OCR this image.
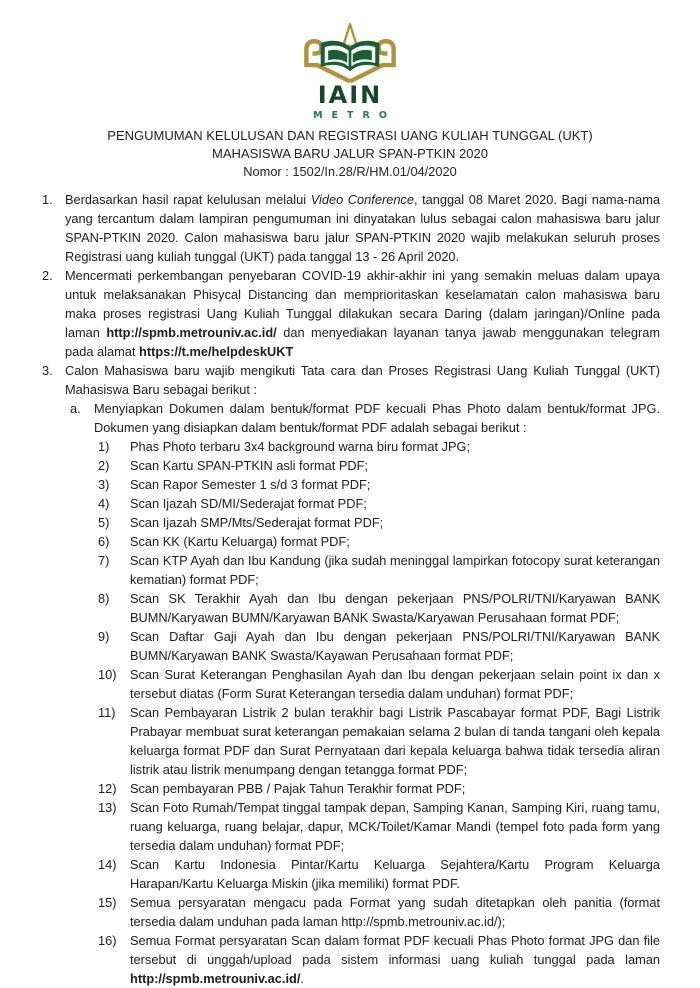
IAIN
METRO
PENGUMUMAN KELULUSAN DAN REGISTRASI UANG KULIAH TUNGGAL (UKT)
MAHASISWA BARU JALUR SPAN-PTKIN 2020
Nomor : 1502/In.28/R/HM.01/04/2020
1. Berdasarkan hasil rapat kelulusan melalui Video Conference, tanggal 08 Maret 2020. Bagi nama-nama yang tercantum dalam lampiran pengumuman ini dinyatakan lulus sebagai calon mahasiswa baru jalur SPAN-PTKIN 2020. Calon mahasiswa baru jalur SPAN-PTKIN 2020 wajib melakukan seluruh proses Registrasi uang kuliah tunggal (UKT) pada tanggal 13 - 26 April 2020.
2. Mencermati perkembangan penyebaran COVID-19 akhir-akhir ini yang semakin meluas dalam upaya untuk melaksanakan Phisycal Distancing dan memprioritaskan keselamatan calon mahasiswa baru maka proses registrasi Uang Kuliah Tunggal dilakukan secara Daring (dalam jaringan)/Online pada laman http://spmb.metrouniv.ac.id/ dan menyediakan layanan tanya jawab menggunakan telegram pada alamat https://t.me/helpdeskUKT
3. Calon Mahasiswa baru wajib mengikuti Tata cara dan Proses Registrasi Uang Kuliah Tunggal (UKT) Mahasiswa Baru sebagai berikut :
a.	Menyiapkan Dokumen dalam bentuk/format PDF kecuali Phas Photo dalam bentuk/format JPG. Dokumen yang disiapkan dalam bentuk/format PDF adalah sebagai berikut :
1)	Phas Photo terbaru 3x4 background warna biru format JPG;
2)	Scan Kartu SPAN-PTKIN asli format PDF;
3)	Scan Rapor Semester 1 s/d 3 format PDF;
4)	Scan Ijazah SD/MI/Sederajat format PDF;
5)	Scan Ijazah SMP/Mts/Sederajat format PDF;
6)	Scan KK (Kartu Keluarga) format PDF;
7)	Scan KTP Ayah dan Ibu Kandung (jika sudah meninggal lampirkan fotocopy surat keterangan kematian) format PDF;
8)	Scan SK Terakhir Ayah dan Ibu dengan pekerjaan PNS/POLRI/TNI/Karyawan BANK BUMN/Karyawan BUMN/Karyawan BANK Swasta/Karyawan Perusahaan format PDF;
9)	Scan Daftar Gaji Ayah dan Ibu dengan pekerjaan PNS/POLRI/TNI/Karyawan BANK BUMN/Karyawan BANK Swasta/Kayawan Perusahaan format PDF;
10)	Scan Surat Keterangan Penghasilan Ayah dan Ibu dengan pekerjaan selain point ix dan x tersebut diatas (Form Surat Keterangan tersedia dalam unduhan) format PDF;
11)	Scan Pembayaran Listrik 2 bulan terakhir bagi Listrik Pascabayar format PDF, Bagi Listrik Prabayar membuat surat keterangan pemakaian selama 2 bulan di tanda tangani oleh kepala keluarga format PDF dan Surat Pernyataan dari kepala keluarga bahwa tidak tersedia aliran listrik atau listrik menumpang dengan tetangga format PDF;
12)	Scan pembayaran PBB / Pajak Tahun Terakhir format PDF;
13)	Scan Foto Rumah/Tempat tinggal tampak depan, Samping Kanan, Samping Kiri, ruang tamu, ruang keluarga, ruang belajar, dapur, MCK/Toilet/Kamar Mandi (tempel foto pada form yang tersedia dalam unduhan) format PDF;
14)	Scan Kartu Indonesia Pintar/Kartu Keluarga Sejahtera/Kartu Program Keluarga Harapan/Kartu Keluarga Miskin (jika memiliki) format PDF.
15)	Semua persyaratan mengacu pada Format yang sudah ditetapkan oleh panitia (format tersedia dalam unduhan pada laman http://spmb.metrouniv.ac.id/);
16)	Semua Format persyaratan Scan dalam format PDF kecuali Phas Photo format JPG dan file tersebut di unggah/upload pada sistem informasi uang kuliah tunggal pada laman http://spmb.metrouniv.ac.id/.
